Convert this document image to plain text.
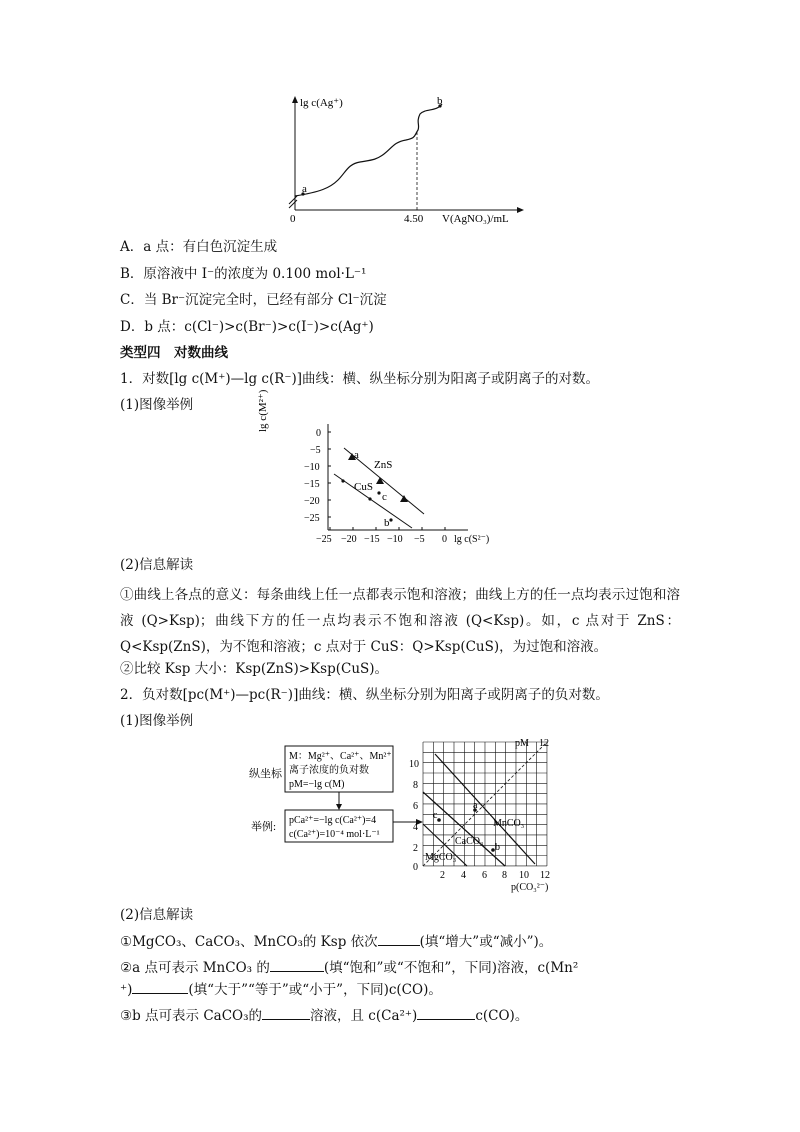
lg c(Ag⁺)
a
b
0	4.50 V(AgNO₃)/mL
A．a 点：有白色沉淀生成
B．原溶液中 I⁻的浓度为 0.100 mol·L⁻¹
C．当 Br⁻沉淀完全时，已经有部分 Cl⁻沉淀
D．b 点：c(Cl⁻)>c(Br⁻)>c(I⁻)>c(Ag⁺)
类型四　对数曲线
1．对数[lg c(M⁺)—lg c(R⁻)]曲线：横、纵坐标分别为阳离子或阴离子的对数。
(1)图像举例	lg c(M²⁺)
0
−5
−10
−15
−20
−25
−25 −20 −15 −10 −5 0 lg c(S²⁻)
a
ZnS
CuS
c
b
(2)信息解读
①曲线上各点的意义：每条曲线上任一点都表示饱和溶液；曲线上方的任一点均表示过饱和溶液 (Q>Ksp)；曲线下方的任一点均表示不饱和溶液 (Q<Ksp)。如，c 点对于 ZnS：Q<Ksp(ZnS)，为不饱和溶液；c 点对于 CuS：Q>Ksp(CuS)，为过饱和溶液。
②比较 Ksp 大小：Ksp(ZnS)>Ksp(CuS)。
2．负对数[pc(M⁺)—pc(R⁻)]曲线：横、纵坐标分别为阳离子或阴离子的负对数。
(1)图像举例
M：Mg²⁺、Ca²⁺、Mn²⁺
离子浓度的负对数
pM=−lg c(M)
纵坐标
pCa²⁺=−lg c(Ca²⁺)=4
c(Ca²⁺)=10⁻⁴ mol·L⁻¹
举例:
a
b
c
MnCO₃
CaCO₃
MgCO₃
pM 12
10
8
6
4
2
0
2 4 6 8 10 12
p(CO₃²⁻)
(2)信息解读
①MgCO₃、CaCO₃、MnCO₃的 Ksp 依次	(填“增大”或“减小”)。
②a 点可表示 MnCO₃ 的	(填“饱和”或“不饱和”，下同)溶液，c(Mn²
⁺)	(填“大于”“等于”或“小于”，下同)c(CO)。
③b 点可表示 CaCO₃的	溶液，且 c(Ca²⁺)	c(CO)。
